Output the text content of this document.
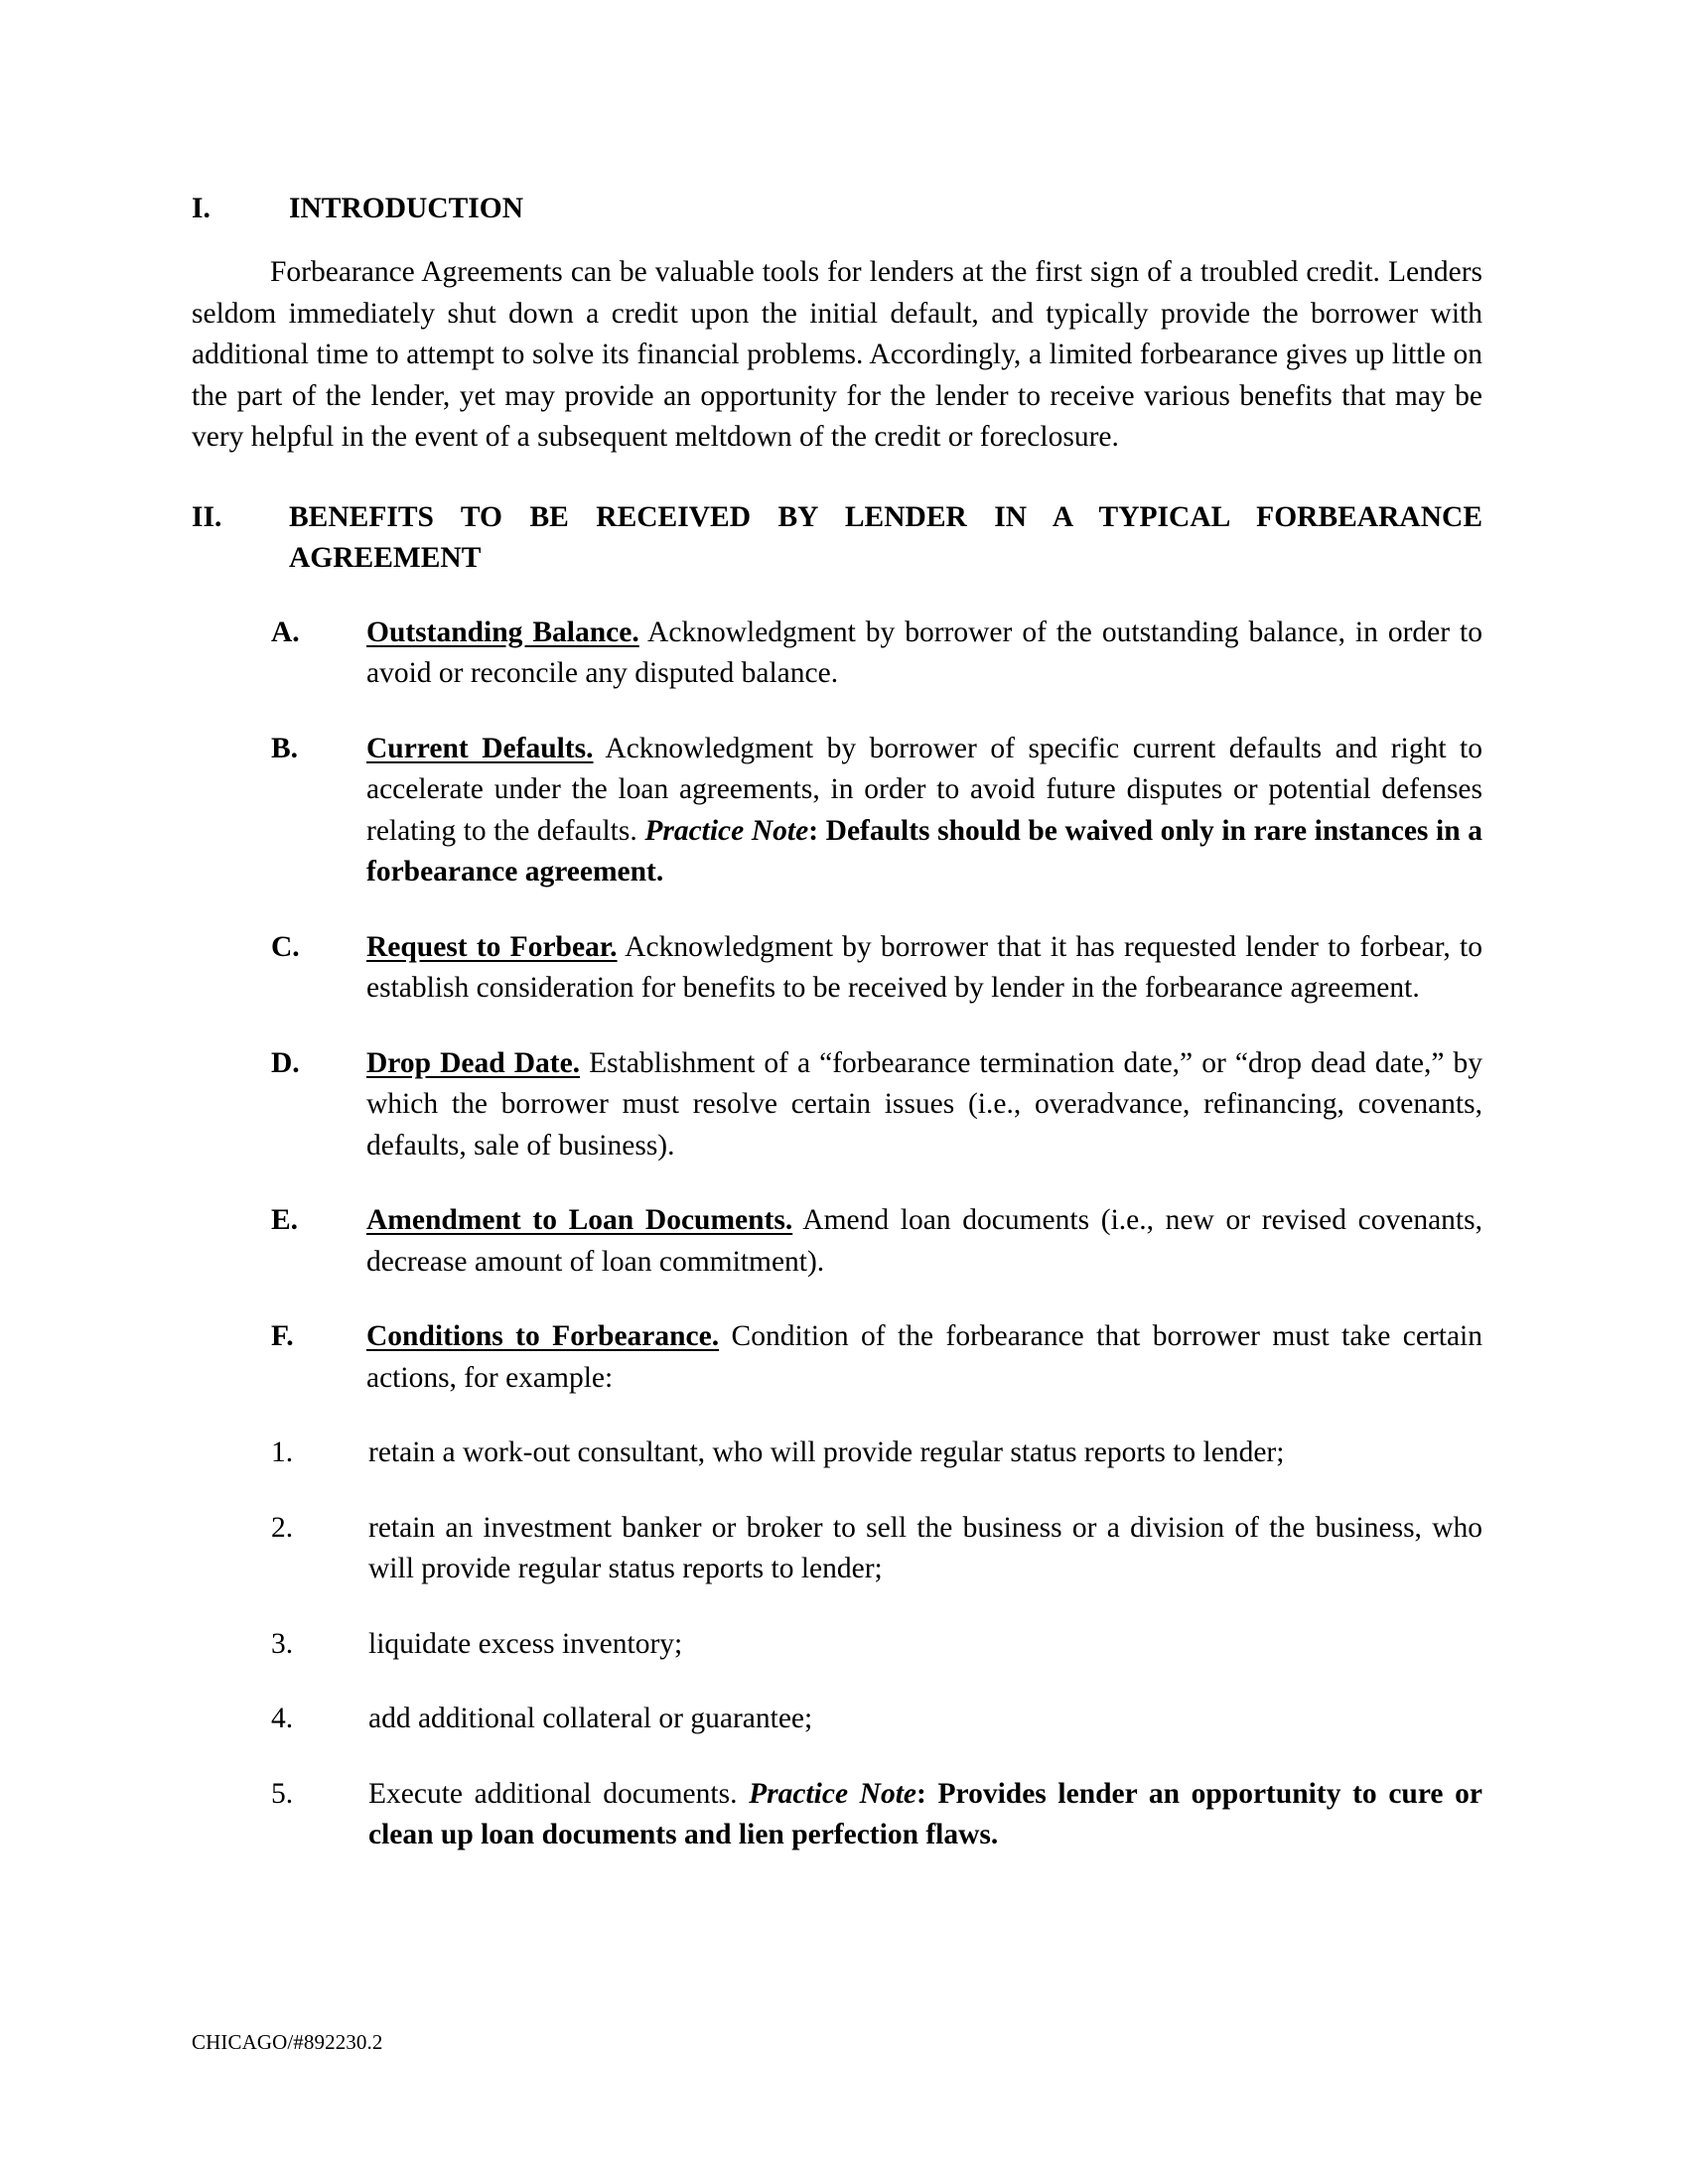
I.	INTRODUCTION

Forbearance Agreements can be valuable tools for lenders at the first sign of a troubled credit. Lenders seldom immediately shut down a credit upon the initial default, and typically provide the borrower with additional time to attempt to solve its financial problems. Accordingly, a limited forbearance gives up little on the part of the lender, yet may provide an opportunity for the lender to receive various benefits that may be very helpful in the event of a subsequent meltdown of the credit or foreclosure.

II.	BENEFITS TO BE RECEIVED BY LENDER IN A TYPICAL FORBEARANCE AGREEMENT
A.	Outstanding Balance. Acknowledgment by borrower of the outstanding balance, in order to avoid or reconcile any disputed balance.
B.	Current Defaults. Acknowledgment by borrower of specific current defaults and right to accelerate under the loan agreements, in order to avoid future disputes or potential defenses relating to the defaults. Practice Note: Defaults should be waived only in rare instances in a forbearance agreement.
C.	Request to Forbear. Acknowledgment by borrower that it has requested lender to forbear, to establish consideration for benefits to be received by lender in the forbearance agreement.
D.	Drop Dead Date. Establishment of a “forbearance termination date,” or “drop dead date,” by which the borrower must resolve certain issues (i.e., overadvance, refinancing, covenants, defaults, sale of business).
E.	Amendment to Loan Documents. Amend loan documents (i.e., new or revised covenants, decrease amount of loan commitment).
F.	Conditions to Forbearance. Condition of the forbearance that borrower must take certain actions, for example:
1.	retain a work-out consultant, who will provide regular status reports to lender;
2.	retain an investment banker or broker to sell the business or a division of the business, who will provide regular status reports to lender;
3.	liquidate excess inventory;
4.	add additional collateral or guarantee;
5.	Execute additional documents. Practice Note: Provides lender an opportunity to cure or clean up loan documents and lien perfection flaws.
CHICAGO/#892230.2
